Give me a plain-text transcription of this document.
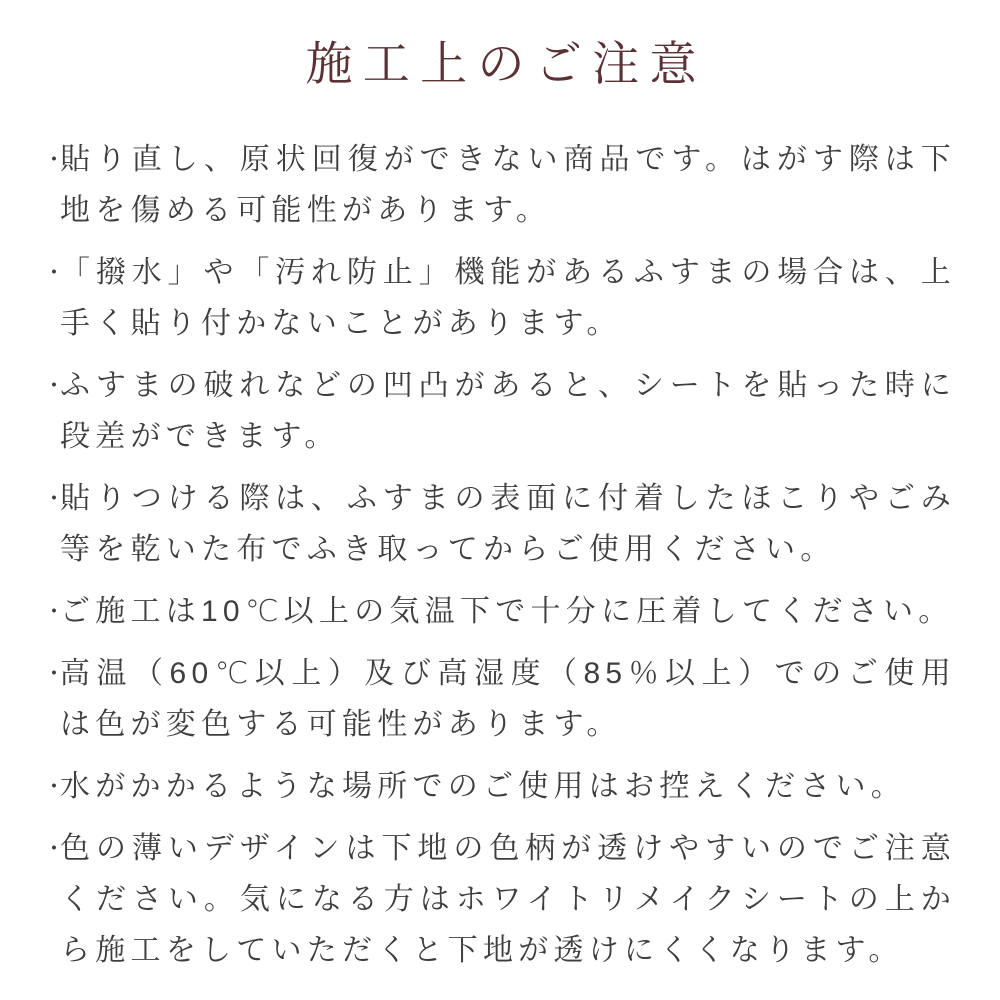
施工上のご注意
・
貼り直し、原状回復ができない商品です。はがす際は下地を傷める可能性があります。
・
「撥水」や「汚れ防止」機能があるふすまの場合は、上手く貼り付かないことがあります。
・
ふすまの破れなどの凹凸があると、シートを貼った時に段差ができます。
・
貼りつける際は、ふすまの表面に付着したほこりやごみ等を乾いた布でふき取ってからご使用ください。
・
ご施工は10℃以上の気温下で十分に圧着してください。
・
高温（60℃以上）及び高湿度（85％以上）でのご使用は色が変色する可能性があります。
・
水がかかるような場所でのご使用はお控えください。
・
色の薄いデザインは下地の色柄が透けやすいのでご注意ください。気になる方はホワイトリメイクシートの上から施工をしていただくと下地が透けにくくなります。
